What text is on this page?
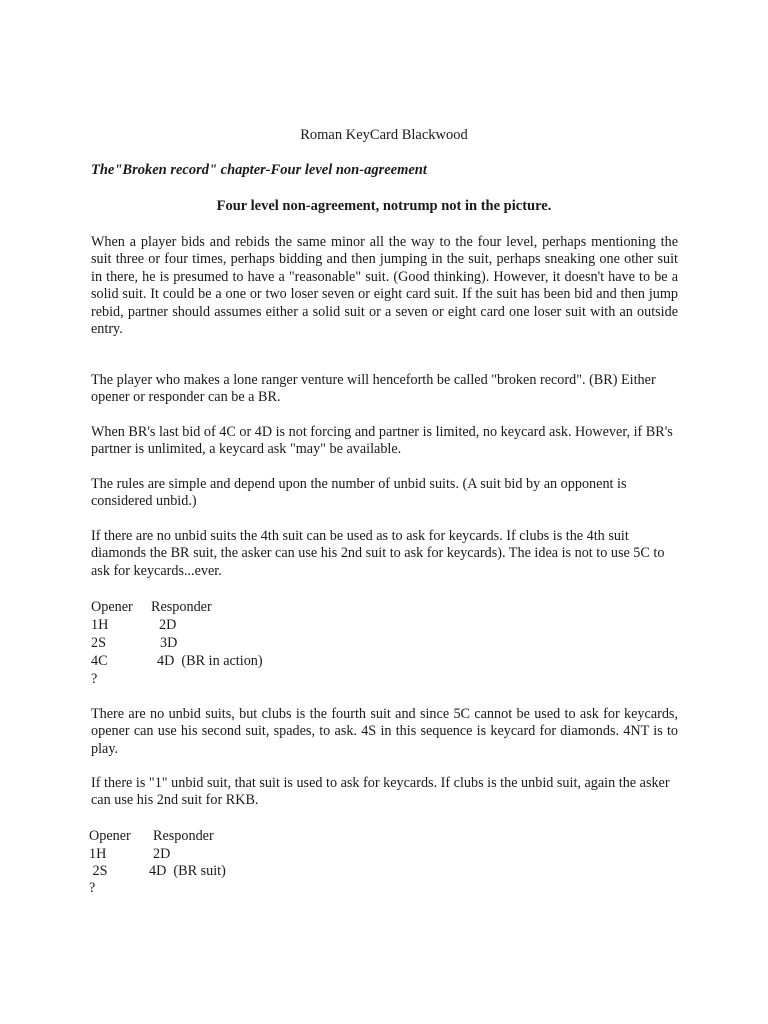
Roman KeyCard Blackwood
The"Broken record" chapter-Four level non-agreement
Four level non-agreement, notrump not in the picture.

When a player bids and rebids the same minor all the way to the four level, perhaps mentioning the suit three or four times, perhaps bidding and then jumping in the suit, perhaps sneaking one other suit in there, he is presumed to have a "reasonable" suit. (Good thinking). However, it doesn't have to be a solid suit. It could be a one or two loser seven or eight card suit. If the suit has been bid and then jump rebid, partner should assumes either a solid suit or a seven or eight card one loser suit with an outside entry.

The player who makes a lone ranger venture will henceforth be called "broken record". (BR) Either opener or responder can be a BR.

When BR's last bid of 4C or 4D is not forcing and partner is limited, no keycard ask. However, if BR's partner is unlimited, a keycard ask "may" be available.

The rules are simple and depend upon the number of unbid suits. (A suit bid by an opponent is considered unbid.)

If there are no unbid suits the 4th suit can be used as to ask for keycards. If clubs is the 4th suit diamonds the BR suit, the asker can use his 2nd suit to ask for keycards). The idea is not to use 5C to ask for keycards...ever.

Opener Responder
1H	2D
2S	3D
4C	4D  (BR in action)
?

There are no unbid suits, but clubs is the fourth suit and since 5C cannot be used to ask for keycards, opener can use his second suit, spades, to ask. 4S in this sequence is keycard for diamonds. 4NT is to play.

If there is "1" unbid suit, that suit is used to ask for keycards. If clubs is the unbid suit, again the asker can use his 2nd suit for RKB.

Opener Responder
1H	2D
2S	4D  (BR suit)
?
